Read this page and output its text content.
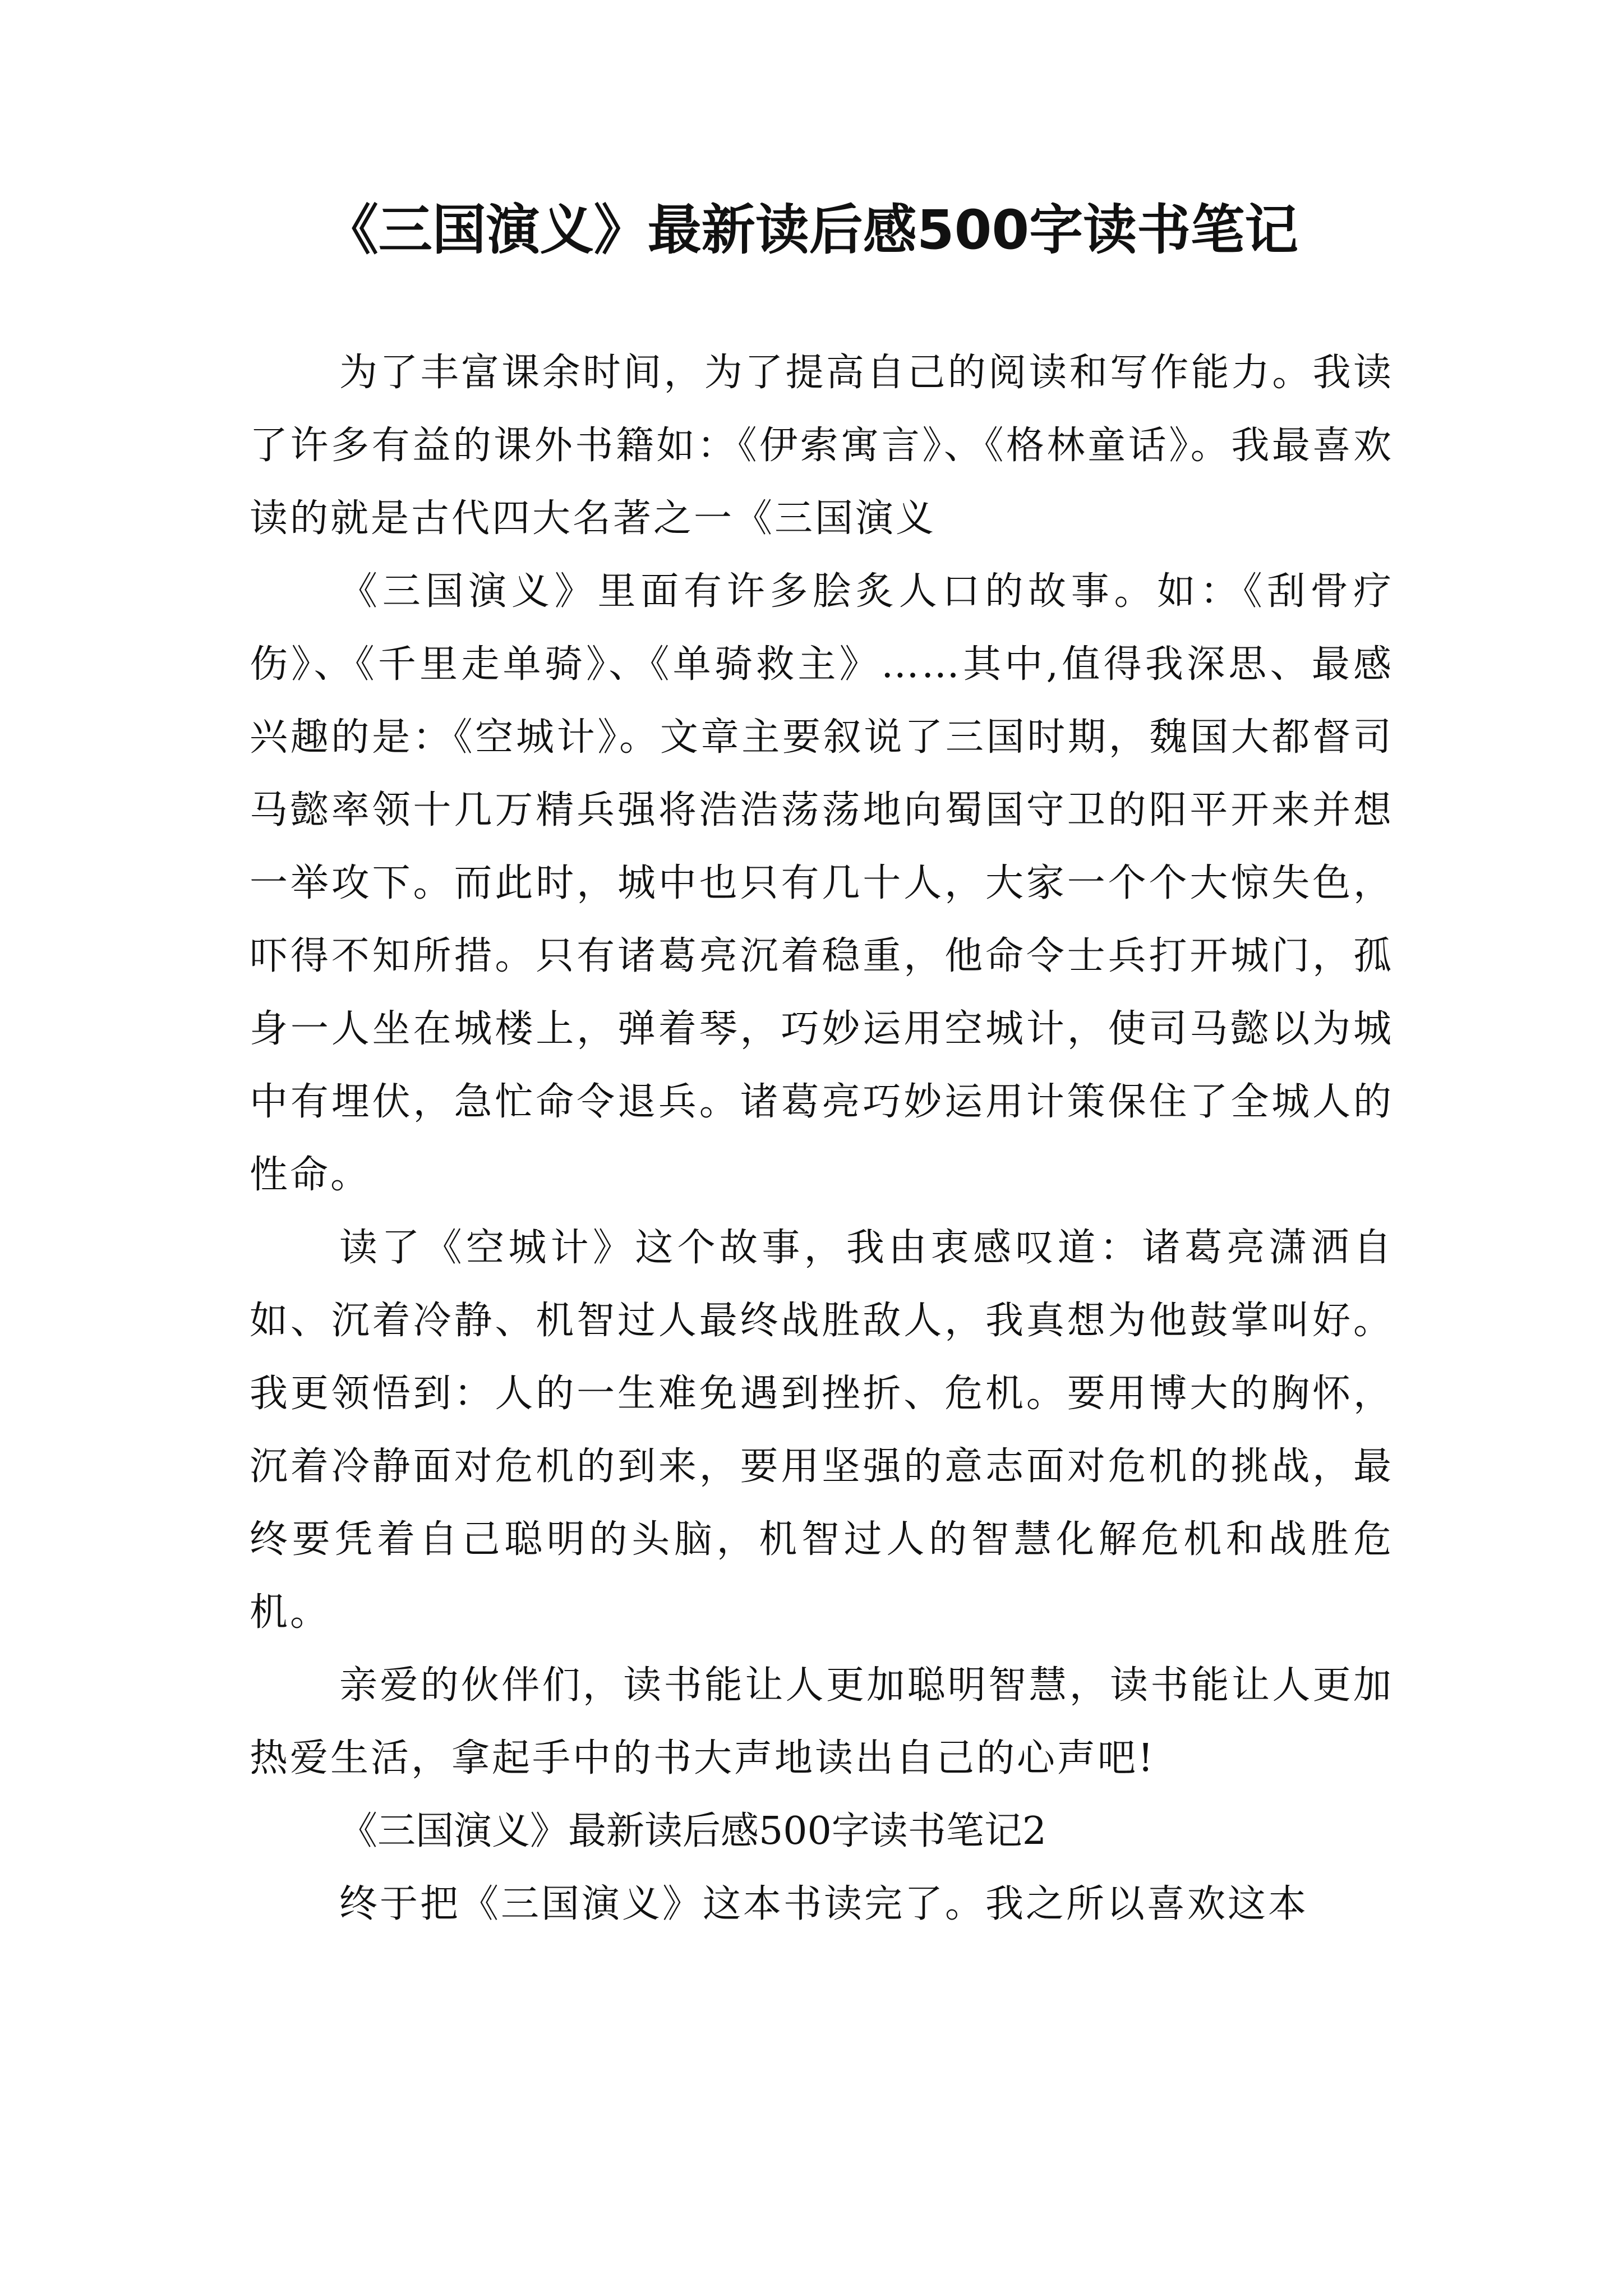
《三国演义》最新读后感500字读书笔记

为了丰富课余时间，为了提高自己的阅读和写作能力。我读了许多有益的课外书籍如：《伊索寓言》、《格林童话》。我最喜欢读的就是古代四大名著之一《三国演义

《三国演义》里面有许多脍炙人口的故事。如：《刮骨疗伤》、《千里走单骑》、《单骑救主》……其中,值得我深思、最感兴趣的是：《空城计》。文章主要叙说了三国时期，魏国大都督司马懿率领十几万精兵强将浩浩荡荡地向蜀国守卫的阳平开来并想一举攻下。而此时，城中也只有几十人，大家一个个大惊失色，吓得不知所措。只有诸葛亮沉着稳重，他命令士兵打开城门，孤身一人坐在城楼上，弹着琴，巧妙运用空城计，使司马懿以为城中有埋伏，急忙命令退兵。诸葛亮巧妙运用计策保住了全城人的性命。

读了《空城计》这个故事，我由衷感叹道：诸葛亮潇洒自如、沉着冷静、机智过人最终战胜敌人，我真想为他鼓掌叫好。 我更领悟到：人的一生难免遇到挫折、危机。要用博大的胸怀，沉着冷静面对危机的到来，要用坚强的意志面对危机的挑战，最终要凭着自己聪明的头脑，机智过人的智慧化解危机和战胜危机。

亲爱的伙伴们，读书能让人更加聪明智慧，读书能让人更加热爱生活，拿起手中的书大声地读出自己的心声吧!

《三国演义》最新读后感500字读书笔记2

终于把《三国演义》这本书读完了。我之所以喜欢这本
